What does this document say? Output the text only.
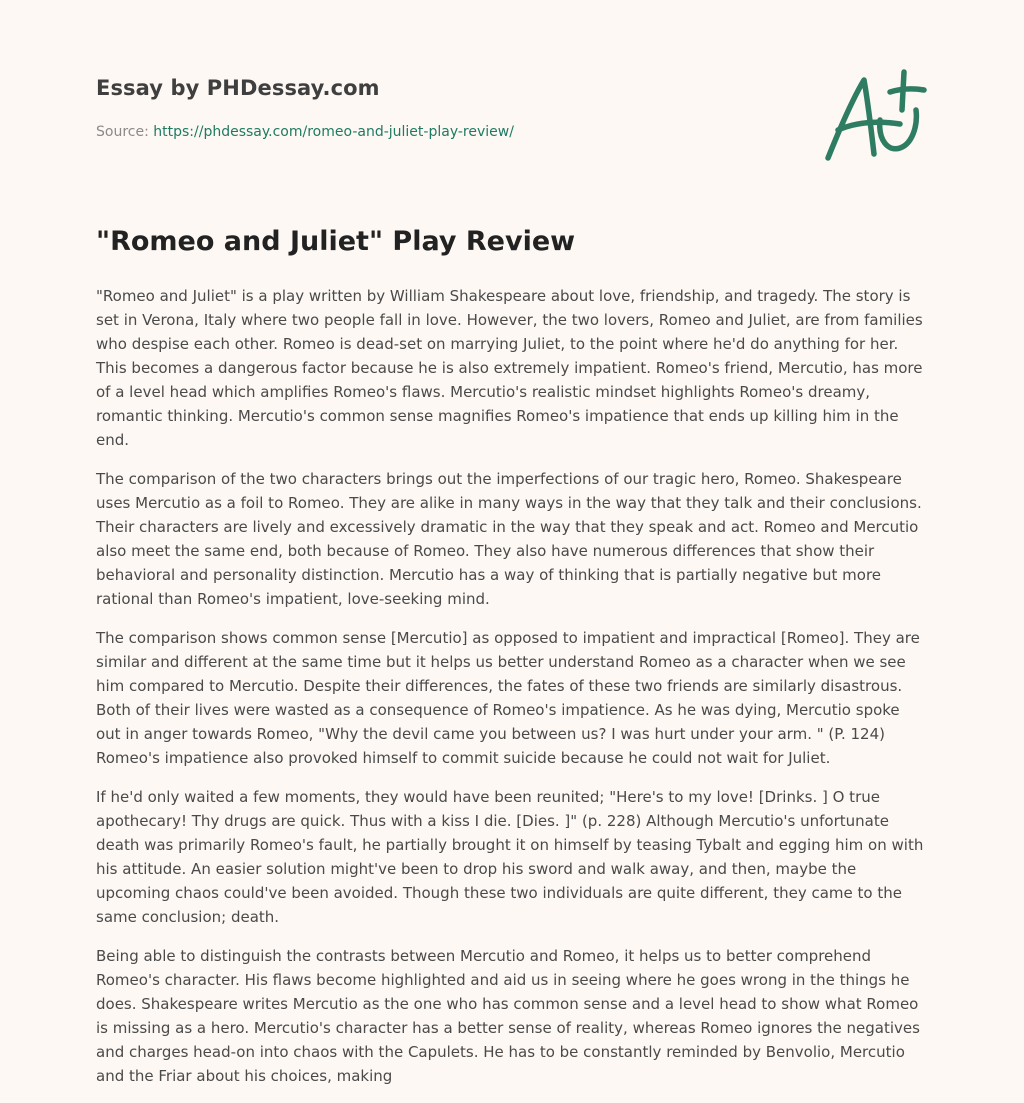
Essay by PHDessay.com
Source: https://phdessay.com/romeo-and-juliet-play-review/
"Romeo and Juliet" Play Review

"Romeo and Juliet" is a play written by William Shakespeare about love, friendship, and tragedy. The story is set in Verona, Italy where two people fall in love. However, the two lovers, Romeo and Juliet, are from families who despise each other. Romeo is dead-set on marrying Juliet, to the point where he'd do anything for her. This becomes a dangerous factor because he is also extremely impatient. Romeo's friend, Mercutio, has more of a level head which amplifies Romeo's flaws. Mercutio's realistic mindset highlights Romeo's dreamy, romantic thinking. Mercutio's common sense magnifies Romeo's impatience that ends up killing him in the end.

The comparison of the two characters brings out the imperfections of our tragic hero, Romeo. Shakespeare uses Mercutio as a foil to Romeo. They are alike in many ways in the way that they talk and their conclusions. Their characters are lively and excessively dramatic in the way that they speak and act. Romeo and Mercutio also meet the same end, both because of Romeo. They also have numerous differences that show their behavioral and personality distinction. Mercutio has a way of thinking that is partially negative but more rational than Romeo's impatient, love-seeking mind.

The comparison shows common sense [Mercutio] as opposed to impatient and impractical [Romeo]. They are similar and different at the same time but it helps us better understand Romeo as a character when we see him compared to Mercutio. Despite their differences, the fates of these two friends are similarly disastrous. Both of their lives were wasted as a consequence of Romeo's impatience. As he was dying, Mercutio spoke out in anger towards Romeo, "Why the devil came you between us? I was hurt under your arm. " (P. 124) Romeo's impatience also provoked himself to commit suicide because he could not wait for Juliet.

If he'd only waited a few moments, they would have been reunited; "Here's to my love! [Drinks. ] O true apothecary! Thy drugs are quick. Thus with a kiss I die. [Dies. ]" (p. 228) Although Mercutio's unfortunate death was primarily Romeo's fault, he partially brought it on himself by teasing Tybalt and egging him on with his attitude. An easier solution might've been to drop his sword and walk away, and then, maybe the upcoming chaos could've been avoided. Though these two individuals are quite different, they came to the same conclusion; death.

Being able to distinguish the contrasts between Mercutio and Romeo, it helps us to better comprehend Romeo's character. His flaws become highlighted and aid us in seeing where he goes wrong in the things he does. Shakespeare writes Mercutio as the one who has common sense and a level head to show what Romeo is missing as a hero. Mercutio's character has a better sense of reality, whereas Romeo ignores the negatives and charges head-on into chaos with the Capulets. He has to be constantly reminded by Benvolio, Mercutio and the Friar about his choices, making
